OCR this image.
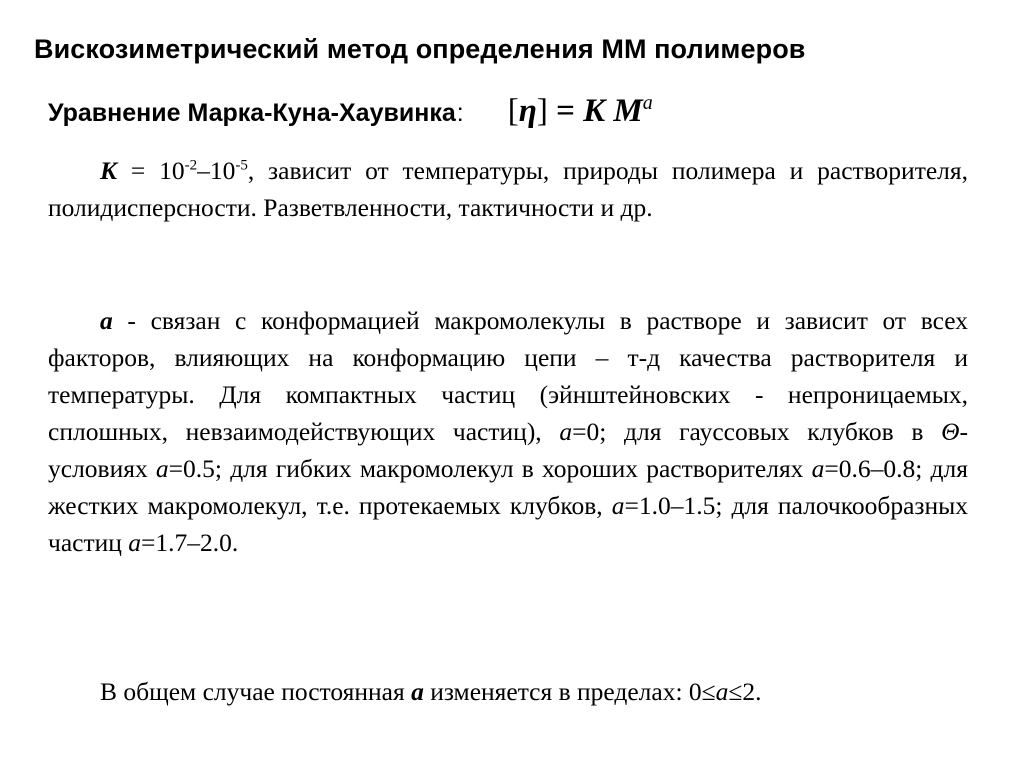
Вискозиметрический метод определения ММ полимеров
Уравнение Марка-Куна-Хаувинка: [η] = K $M^a$
$K = 10^{-2}-10^{-5}$, зависит от температуры, природы полимера и растворителя, полидисперсности. Разветвленности, тактичности и др.
a - связан с конформацией макромолекулы в растворе и зависит от всех факторов, влияющих на конформацию цепи – т-д качества растворителя и температуры. Для компактных частиц (эйнштейновских - непроницаемых, сплошных, невзаимодействующих частиц), a=0; для гауссовых клубков в Θ-условиях a=0.5; для гибких макромолекул в хороших растворителях a=0.6–0.8; для жестких макромолекул, т.е. протекаемых клубков, a=1.0–1.5; для палочкообразных частиц a=1.7–2.0.
В общем случае постоянная a изменяется в пределах: 0≤a≤2.
